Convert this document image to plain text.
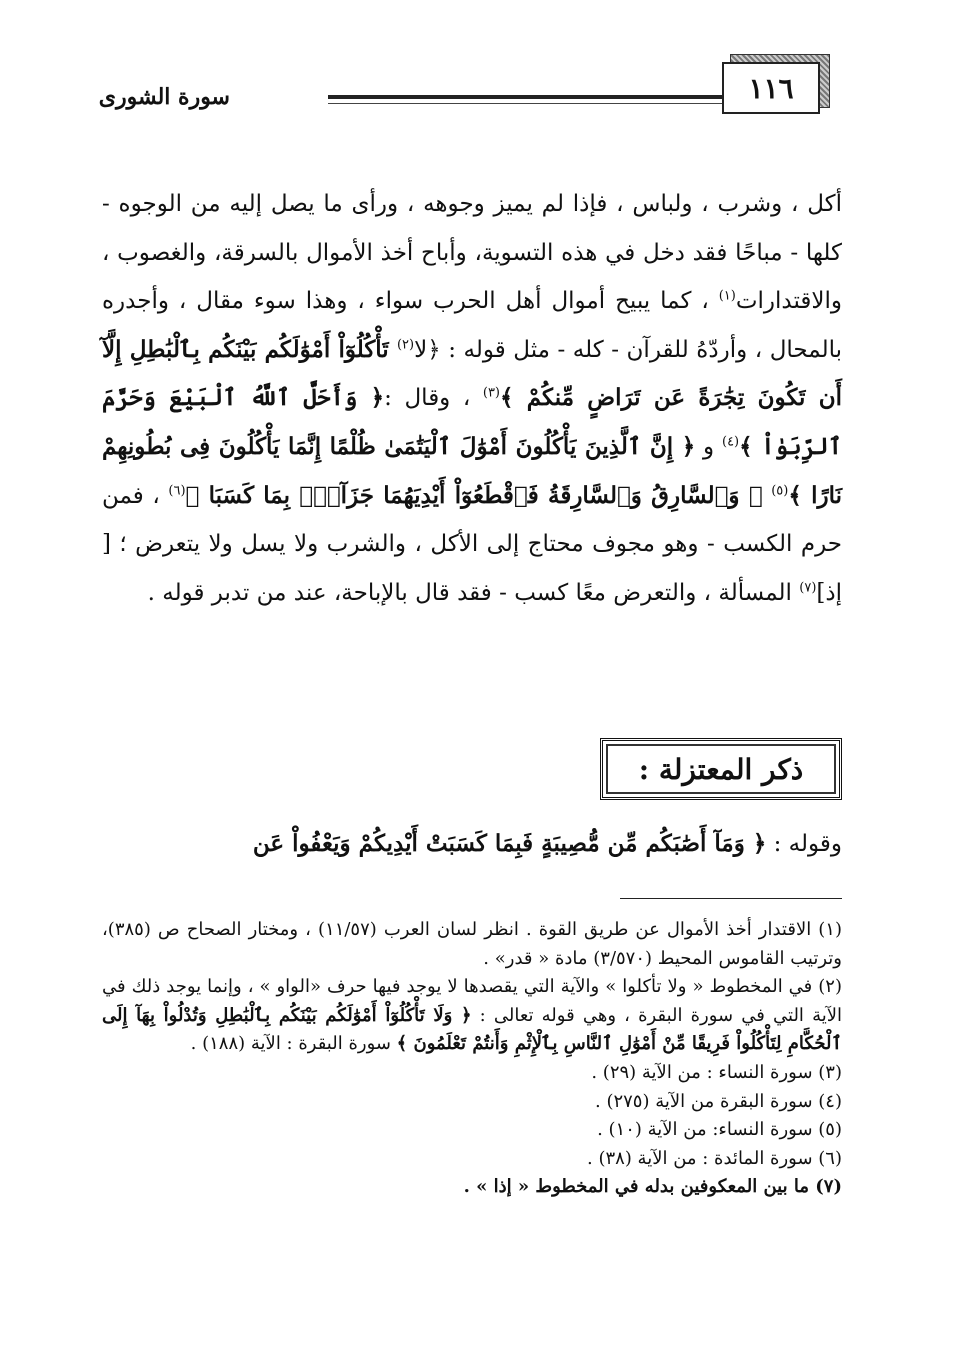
١١٦
سورة الشورى

أكل ، وشرب ، ولباس ، فإذا لم يميز وجوهه ، ورأى ما يصل إليه من الوجوه - كلها - مباحًا فقد دخل في هذه التسوية، وأباح أخذ الأموال بالسرقة، والغصوب ، والاقتدارات$^{(١)}$ ، كما يبيح أموال أهل الحرب سواء ، وهذا سوء مقال ، وأجدره بالمحال ، وأردّهُ للقرآن - كله - مثل قوله : ﴿لا$^{(٢)}$ تَأْكُلُوٓاْ أَمْوَٰلَكُم بَيْنَكُم بِٱلْبَٰطِلِ إِلَّآ أَن تَكُونَ تِجَٰرَةً عَن تَرَاضٍ مِّنكُمْ ﴾$^{(٣)}$ ، وقال :﴿ وَأَحَلَّ ٱللَّهُ ٱلْبَيْعَ وَحَرَّمَ ٱلرِّبَوٰاْ ﴾$^{(٤)}$ و ﴿ إِنَّ ٱلَّذِينَ يَأْكُلُونَ أَمْوَٰلَ ٱلْيَتَٰمَىٰ ظُلْمًا إِنَّمَا يَأْكُلُونَ فِى بُطُونِهِمْ نَارًا ﴾$^{(٥)}$ ﴿ وَٱلسَّارِقُ وَٱلسَّارِقَةُ فَٱقْطَعُوٓاْ أَيْدِيَهُمَا جَزَآءًۢ بِمَا كَسَبَا ﴾$^{(٦)}$ ، فمن حرم الكسب - وهو مجوف محتاج إلى الأكل ، والشرب ولا يسل ولا يتعرض ؛ [ إذ]$^{(٧)}$ المسألة ، والتعرض معًا كسب - فقد قال بالإباحة، عند من تدبر قوله .

ذكر المعتزلة :
وقوله : ﴿ وَمَآ أَصَٰبَكُم مِّن مُّصِيبَةٍ فَبِمَا كَسَبَتْ أَيْدِيكُمْ وَيَعْفُواْ عَن

(١) الاقتدار أخذ الأموال عن طريق القوة . انظر لسان العرب (١١/٥٧) ، ومختار الصحاح ص (٣٨٥)، وترتيب القاموس المحيط (٣/٥٧٠) مادة « قدر» .

(٢) في المخطوط « ولا تأكلوا » والآية التي يقصدها لا يوجد فيها حرف «الواو » ، وإنما يوجد ذلك في الآية التي في سورة البقرة ، وهي قوله تعالى : ﴿ وَلَا تَأْكُلُوٓاْ أَمْوَٰلَكُم بَيْنَكُم بِٱلْبَٰطِلِ وَتُدْلُواْ بِهَآ إِلَى ٱلْحُكَّامِ لِتَأْكُلُواْ فَرِيقًا مِّنْ أَمْوَٰلِ ٱلنَّاسِ بِٱلْإِثْمِ وَأَنتُمْ تَعْلَمُونَ ﴾ سورة البقرة : الآية (١٨٨) .

(٣) سورة النساء : من الآية (٢٩) .

(٤) سورة البقرة من الآية (٢٧٥) .

(٥) سورة النساء: من الآية (١٠) .

(٦) سورة المائدة : من الآية (٣٨) .

(٧) ما بين المعكوفين بدله في المخطوط « إذا » .
